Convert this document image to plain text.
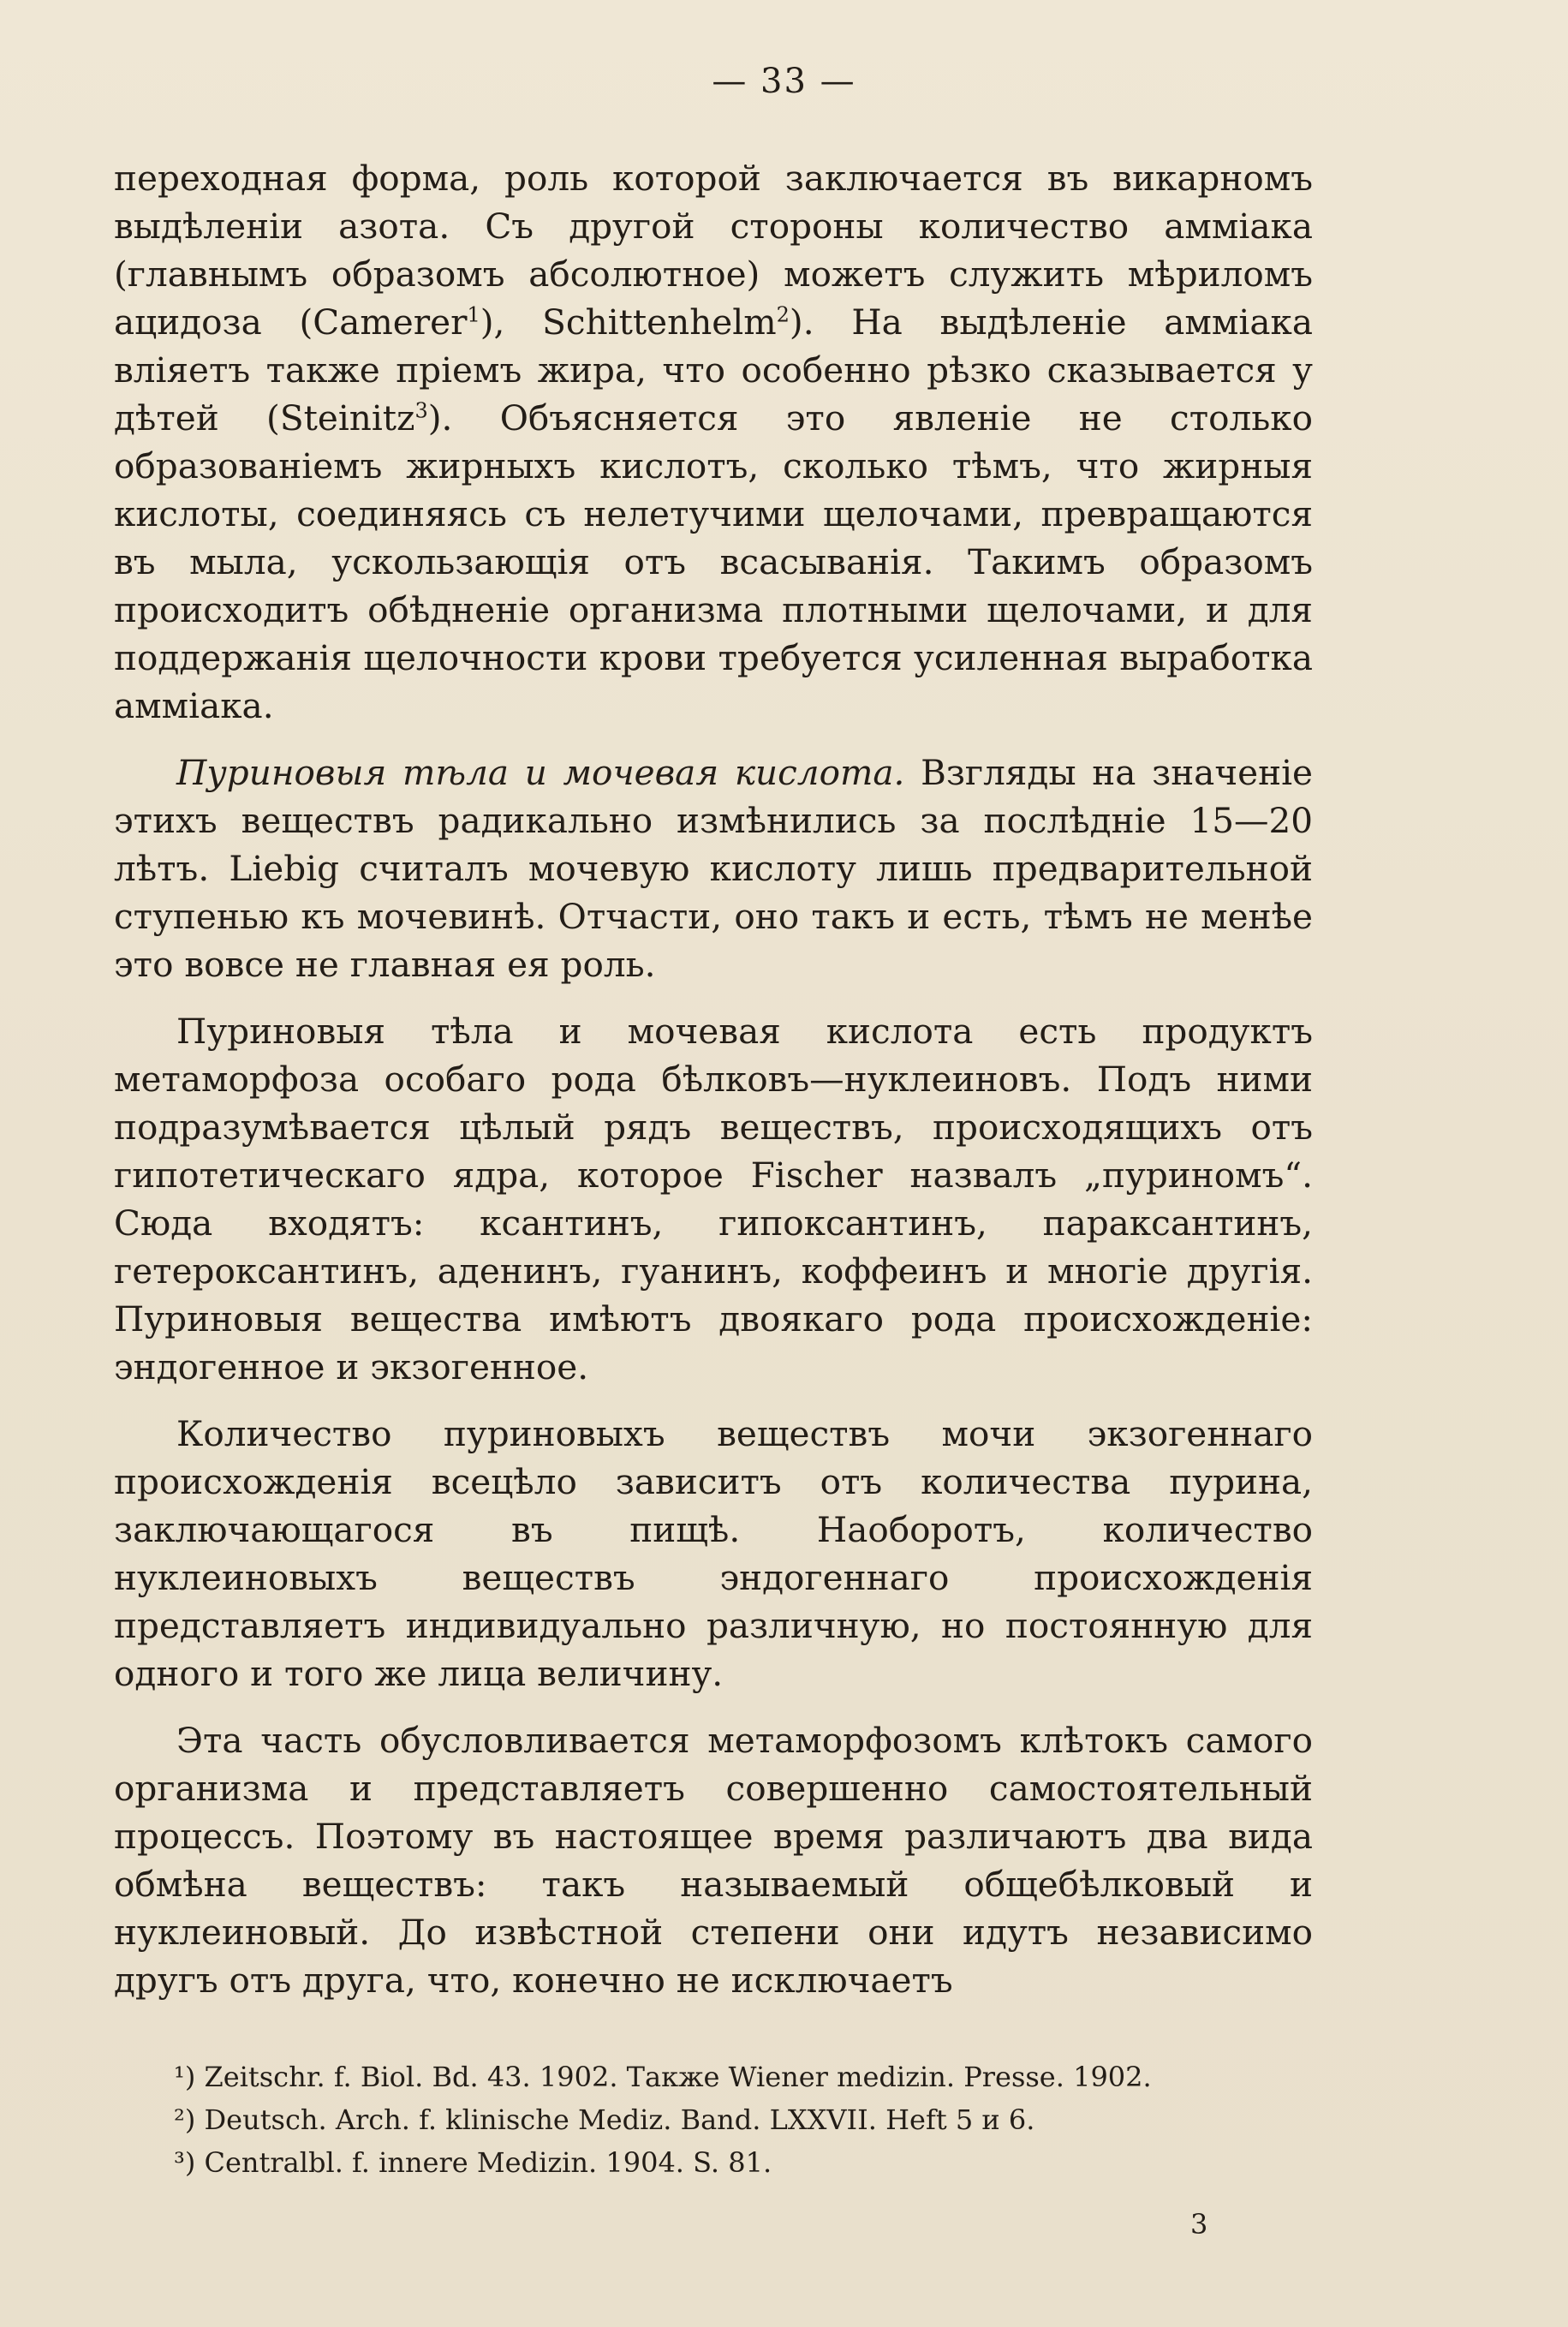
— 33 —

переходная форма, роль которой заключается въ викарномъ выдѣленіи азота. Съ другой стороны количество амміака (главнымъ образомъ абсолютное) можетъ служить мѣриломъ ацидоза (Camerer$^1$), Schittenhelm$^2$). На выдѣленіе амміака вліяетъ также пріемъ жира, что особенно рѣзко сказывается у дѣтей (Steinitz$^3$). Объясняется это явленіе не столько образованіемъ жирныхъ кислотъ, сколько тѣмъ, что жирныя кислоты, соединяясь съ нелетучими щелочами, превращаются въ мыла, ускользающія отъ всасыванія. Такимъ образомъ происходитъ обѣдненіе организма плотными щелочами, и для поддержанія щелочности крови требуется усиленная выработка амміака.

Пуриновыя тѣла и мочевая кислота. Взгляды на значеніе этихъ веществъ радикально измѣнились за послѣдніе 15—20 лѣтъ. Liebig считалъ мочевую кислоту лишь предварительной ступенью къ мочевинѣ. Отчасти, оно такъ и есть, тѣмъ не менѣе это вовсе не главная ея роль.

Пуриновыя тѣла и мочевая кислота есть продуктъ метаморфоза особаго рода бѣлковъ—нуклеиновъ. Подъ ними подразумѣвается цѣлый рядъ веществъ, происходящихъ отъ гипотетическаго ядра, которое Fischer назвалъ „пуриномъ“. Сюда входятъ: ксантинъ, гипоксантинъ, параксантинъ, гетероксантинъ, аденинъ, гуанинъ, коффеинъ и многіе другія. Пуриновыя вещества имѣютъ двоякаго рода происхожденіе: эндогенное и экзогенное.

Количество пуриновыхъ веществъ мочи экзогеннаго происхожденія всецѣло зависитъ отъ количества пурина, заключающагося въ пищѣ. Наоборотъ, количество нуклеиновыхъ веществъ эндогеннаго происхожденія представляетъ индивидуально различную, но постоянную для одного и того же лица величину.

Эта часть обусловливается метаморфозомъ клѣтокъ самого организма и представляетъ совершенно самостоятельный процессъ. Поэтому въ настоящее время различаютъ два вида обмѣна веществъ: такъ называемый общебѣлковый и нуклеиновый. До извѣстной степени они идутъ независимо другъ отъ друга, что, конечно не исключаетъ

¹) Zeitschr. f. Biol. Bd. 43. 1902. Также Wiener medizin. Presse. 1902.
²) Deutsch. Arch. f. klinische Mediz. Band. LXXVII. Heft 5 и 6.
³) Centralbl. f. innere Medizin. 1904. S. 81.
3
